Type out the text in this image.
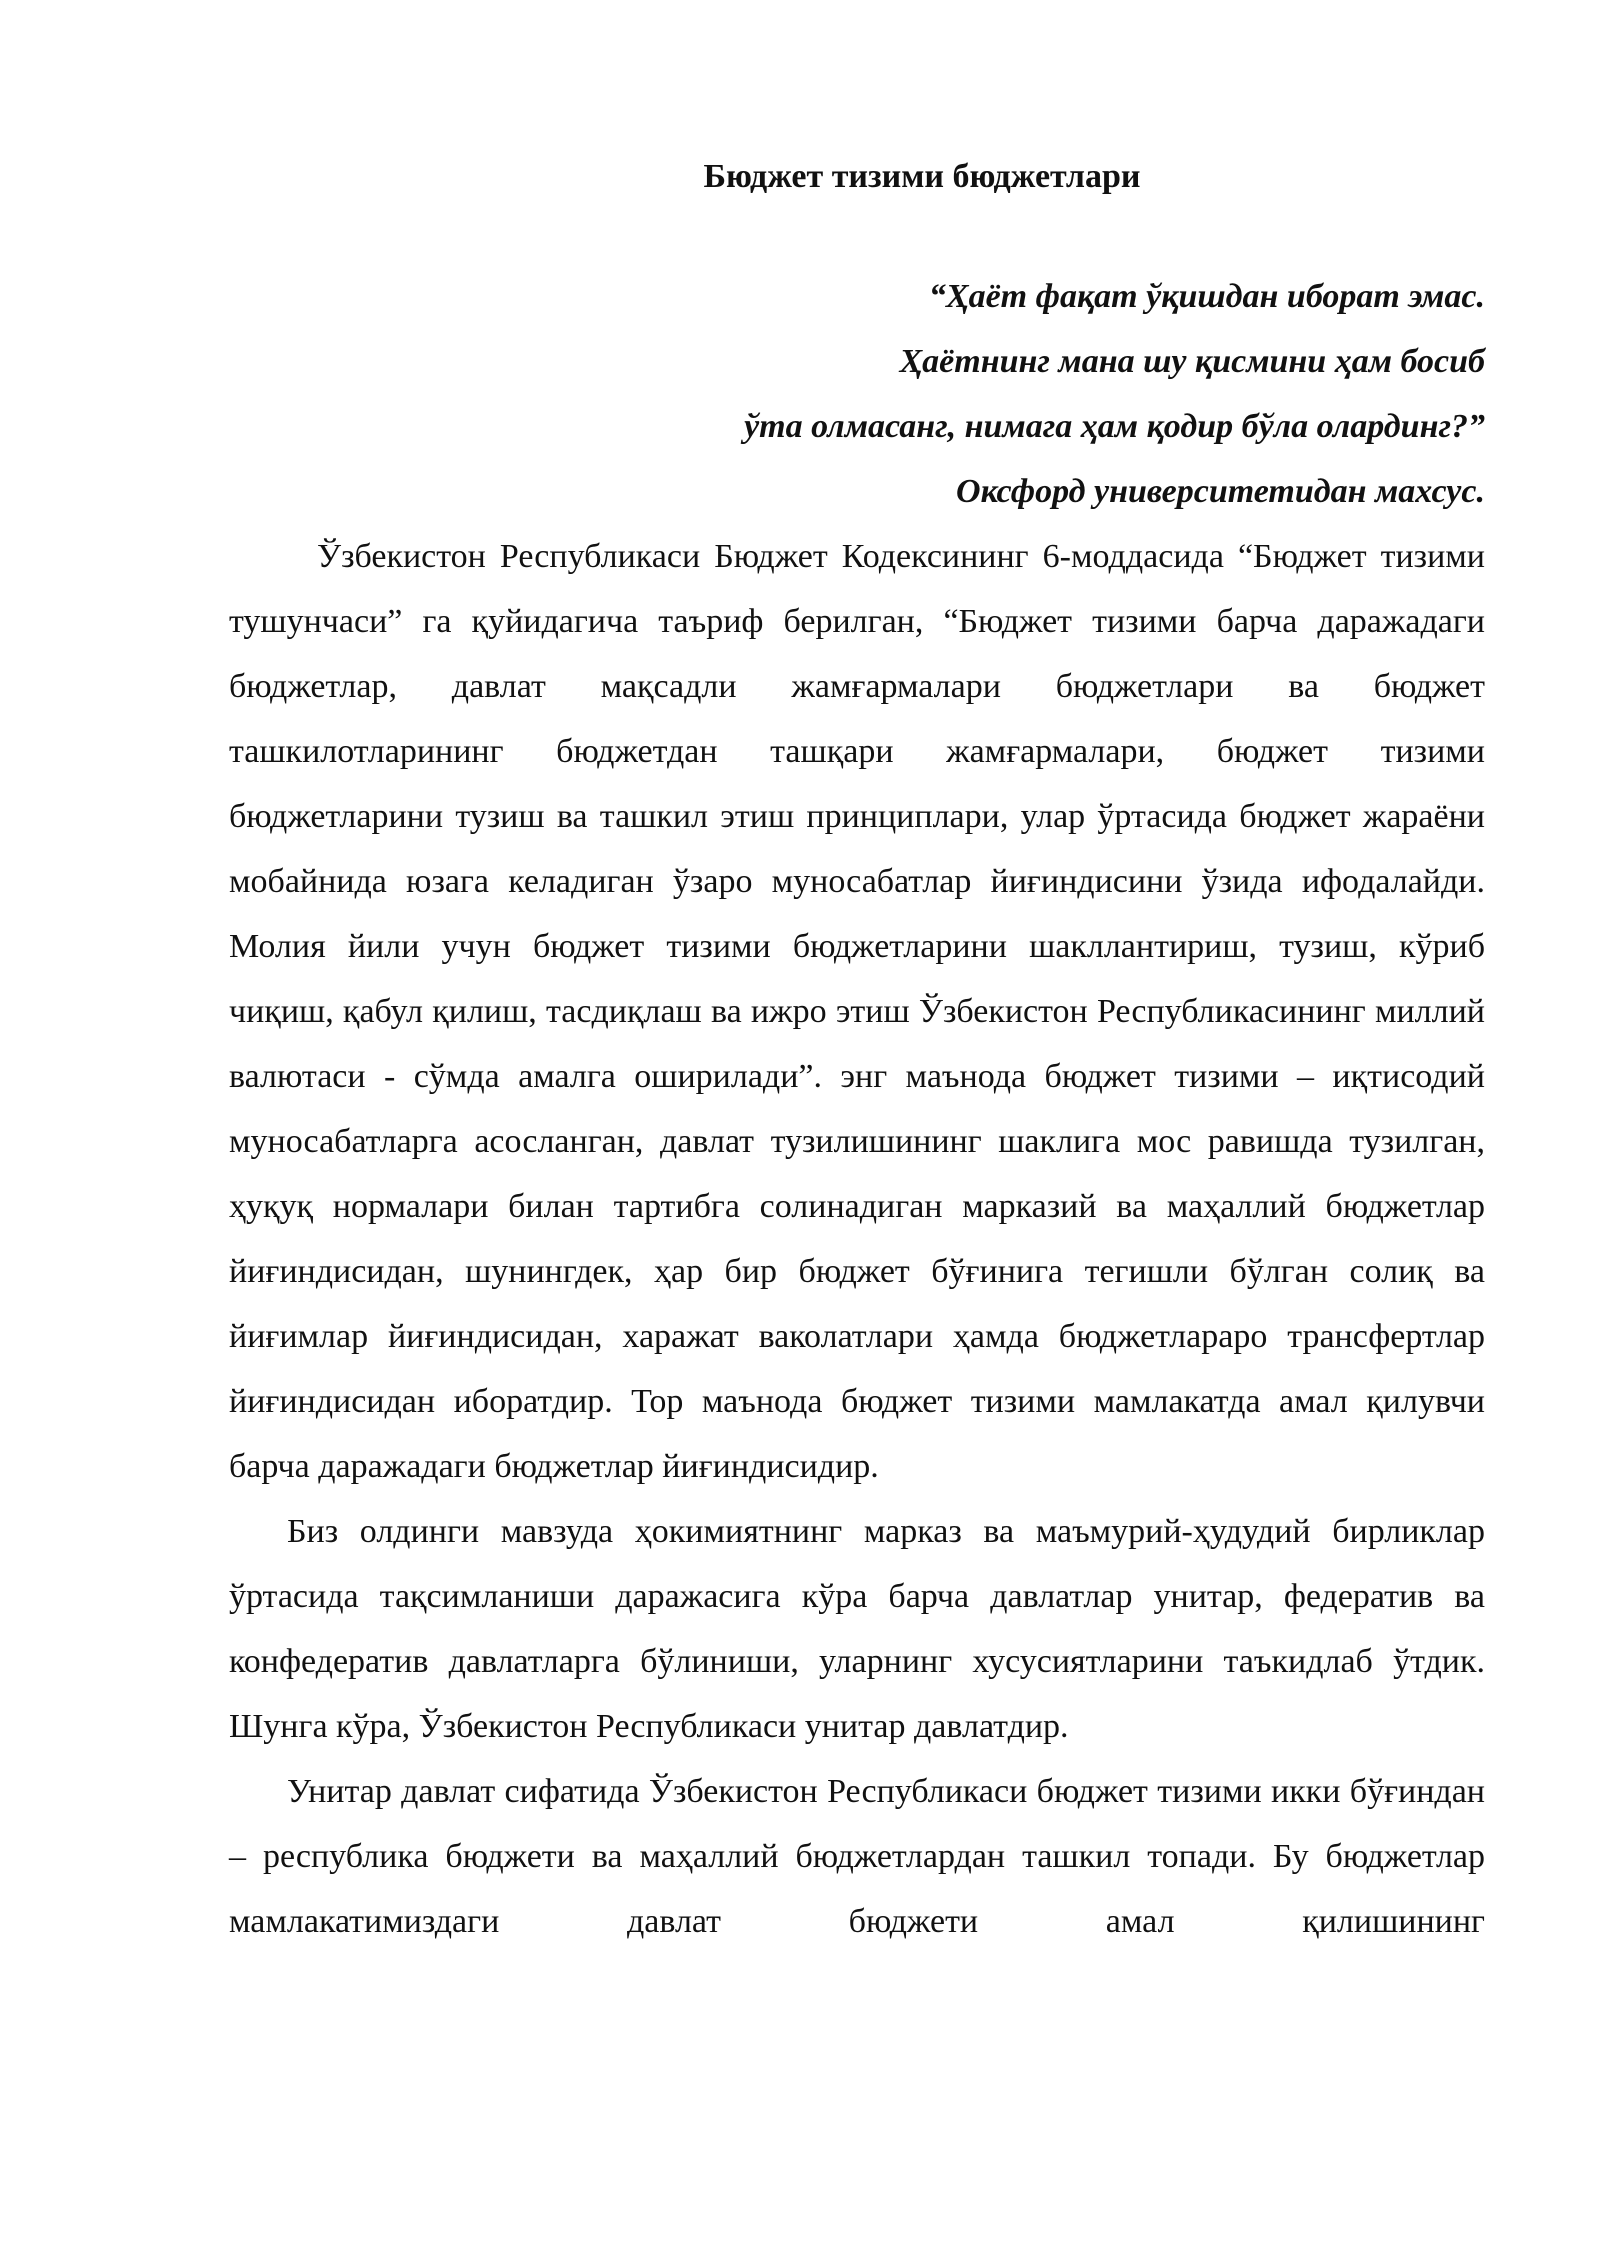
Бюджет тизими бюджетлари
“Ҳаёт фақат ўқишдан иборат эмас.
Ҳаётнинг мана шу қисмини ҳам босиб
ўта олмасанг, нимага ҳам қодир бўла олардинг?”
Оксфорд университетидан махсус.

Ўзбекистон Республикаси Бюджет Кодексининг 6-моддасида “Бюджет тизими тушунчаси” га қуйидагича таъриф берилган, “Бюджет тизими барча даражадаги бюджетлар, давлат мақсадли жамғармалари бюджетлари ва бюджет ташкилотларининг бюджетдан ташқари жамғармалари, бюджет тизими бюджетларини тузиш ва ташкил этиш принциплари, улар ўртасида бюджет жараёни мобайнида юзага келадиган ўзаро муносабатлар йиғиндисини ўзида ифодалайди. Молия йили учун бюджет тизими бюджетларини шакллантириш, тузиш, кўриб чиқиш, қабул қилиш, тасдиқлаш ва ижро этиш Ўзбекистон Республикасининг миллий валютаси - сўмда амалга оширилади”. энг маънода бюджет тизими – иқтисодий муносабатларга асосланган, давлат тузилишининг шаклига мос равишда тузилган, ҳуқуқ нормалари билан тартибга солинадиган марказий ва маҳаллий бюджетлар йиғиндисидан, шунингдек, ҳар бир бюджет бўғинига тегишли бўлган солиқ ва йиғимлар йиғиндисидан, харажат ваколатлари ҳамда бюджетлараро трансфертлар йиғиндисидан иборатдир. Тор маънода бюджет тизими мамлакатда амал қилувчи барча даражадаги бюджетлар йиғиндисидир.

Биз олдинги мавзуда ҳокимиятнинг марказ ва маъмурий-ҳудудий бирликлар ўртасида тақсимланиши даражасига кўра барча давлатлар унитар, федератив ва конфедератив давлатларга бўлиниши, уларнинг хусусиятларини таъкидлаб ўтдик. Шунга кўра, Ўзбекистон Республикаси унитар давлатдир.

Унитар давлат сифатида Ўзбекистон Республикаси бюджет тизими икки бўғиндан – республика бюджети ва маҳаллий бюджетлардан ташкил топади. Бу бюджетлар мамлакатимиздаги давлат бюджети амал қилишининг
